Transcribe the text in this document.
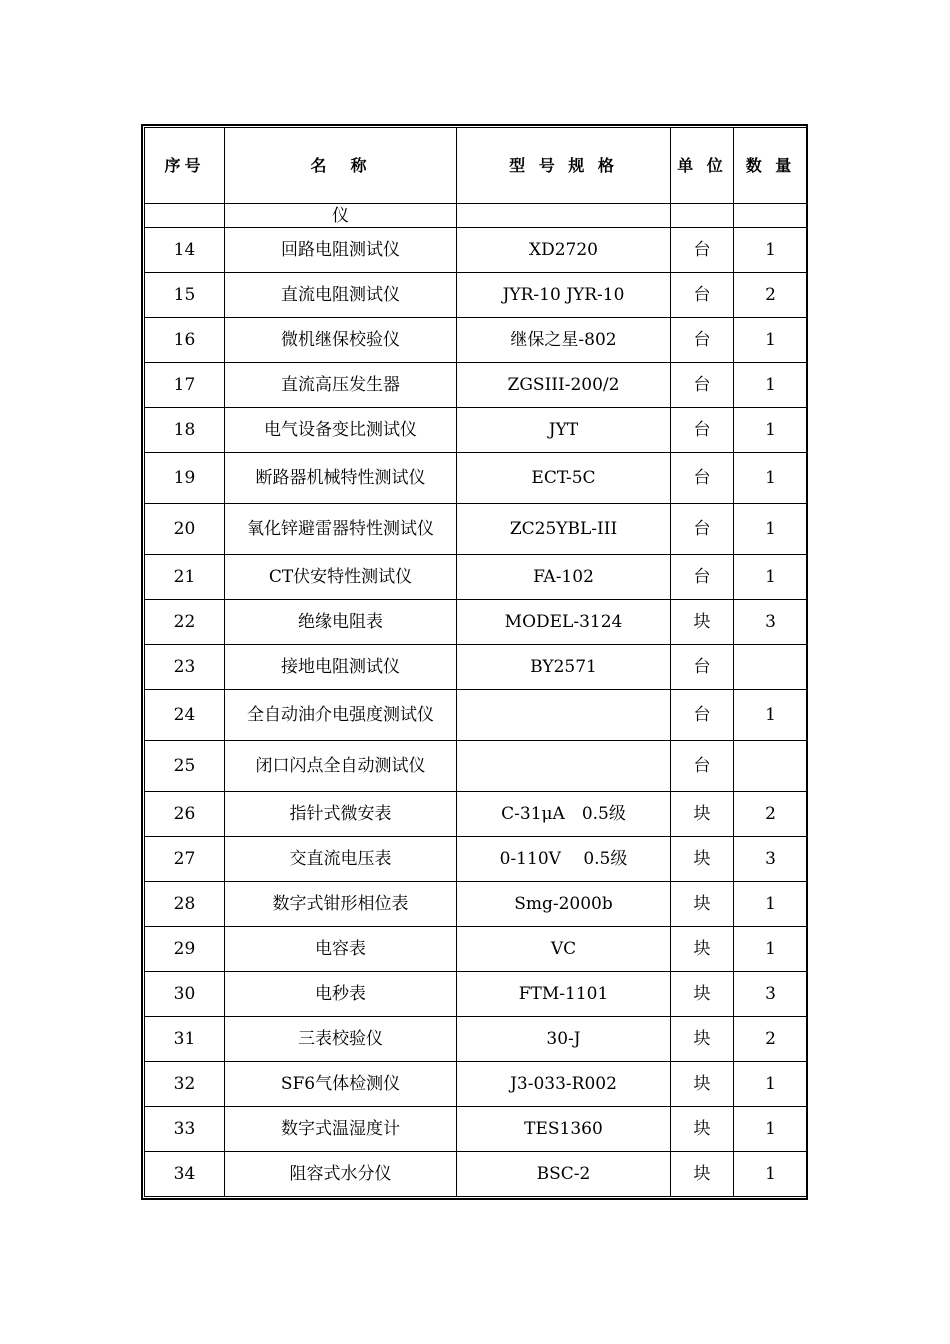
序号	名　称	型 号 规 格	单 位	数 量
	仪			
14	回路电阻测试仪	XD2720	台	1
15	直流电阻测试仪	JYR-10 JYR-10	台	2
16	微机继保校验仪	继保之星-802	台	1
17	直流高压发生器	ZGSIII-200/2	台	1
18	电气设备变比测试仪	JYT	台	1
19	断路器机械特性测试仪	ECT-5C	台	1
20	氧化锌避雷器特性测试仪	ZC25YBL-III	台	1
21	CT伏安特性测试仪	FA-102	台	1
22	绝缘电阻表	MODEL-3124	块	3
23	接地电阻测试仪	BY2571	台	
24	全自动油介电强度测试仪		台	1
25	闭口闪点全自动测试仪		台	
26	指针式微安表	C-31μA　0.5级	块	2
27	交直流电压表	0-110V　 0.5级	块	3
28	数字式钳形相位表	Smg-2000b	块	1
29	电容表	VC	块	1
30	电秒表	FTM-1101	块	3
31	三表校验仪	30-J	块	2
32	SF6气体检测仪	J3-033-R002	块	1
33	数字式温湿度计	TES1360	块	1
34	阻容式水分仪	BSC-2	块	1
